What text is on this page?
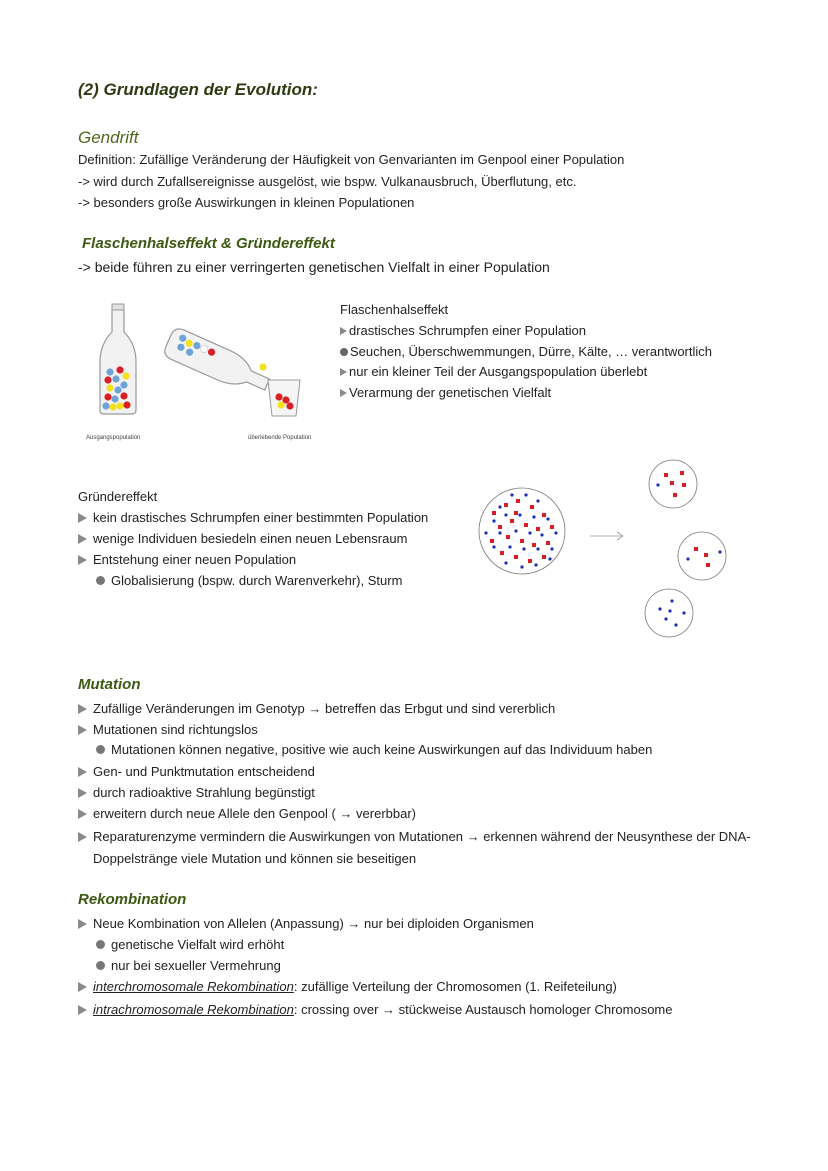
(2) Grundlagen der Evolution:
Gendrift
Definition: Zufällige Veränderung der Häufigkeit von Genvarianten im Genpool einer Population
-> wird durch Zufallsereignisse ausgelöst, wie bspw. Vulkanausbruch, Überflutung, etc.
-> besonders große Auswirkungen in kleinen Populationen
Flaschenhalseffekt & Gründereffekt
-> beide führen zu einer verringerten genetischen Vielfalt in einer Population
Ausgangspopulation	überlebende Population
Flaschenhalseffekt
drastisches Schrumpfen einer Population
Seuchen, Überschwemmungen, Dürre, Kälte, … verantwortlich
nur ein kleiner Teil der Ausgangspopulation überlebt
Verarmung der genetischen Vielfalt
Gründereffekt
kein drastisches Schrumpfen einer bestimmten Population
wenige Individuen besiedeln einen neuen Lebensraum
Entstehung einer neuen Population
Globalisierung (bspw. durch Warenverkehr), Sturm
Mutation
Zufällige Veränderungen im Genotyp → betreffen das Erbgut und sind vererblich
Mutationen sind richtungslos
Mutationen können negative, positive wie auch keine Auswirkungen auf das Individuum haben
Gen- und Punktmutation entscheidend
durch radioaktive Strahlung begünstigt
erweitern durch neue Allele den Genpool ( → vererbbar)
Reparaturenzyme vermindern die Auswirkungen von Mutationen → erkennen während der Neusynthese der DNA-
Doppelstränge viele Mutation und können sie beseitigen
Rekombination
Neue Kombination von Allelen (Anpassung) → nur bei diploiden Organismen
genetische Vielfalt wird erhöht
nur bei sexueller Vermehrung
interchromosomale Rekombination: zufällige Verteilung der Chromosomen (1. Reifeteilung)
intrachromosomale Rekombination: crossing over → stückweise Austausch homologer Chromosome
